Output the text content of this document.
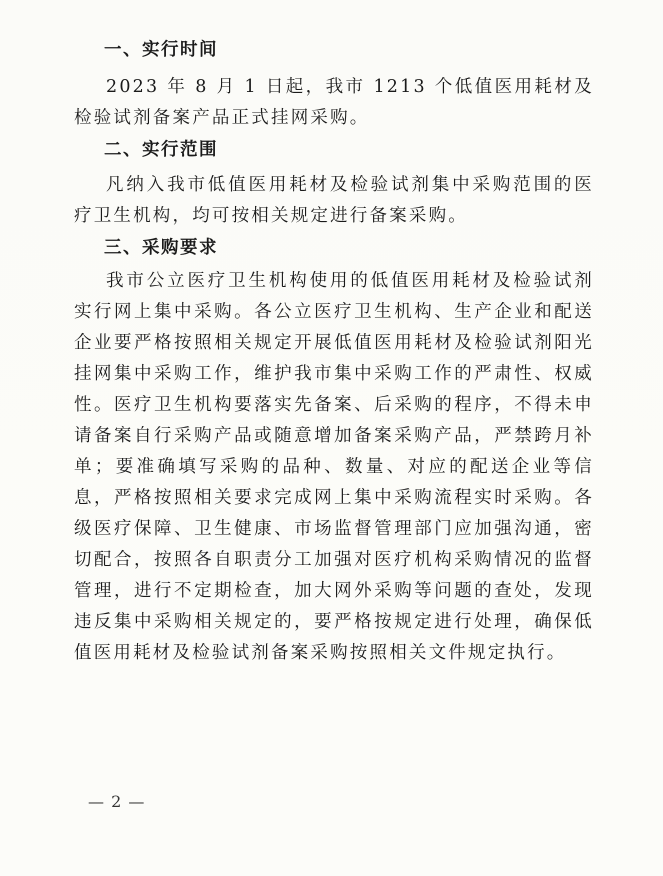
一、实行时间

2023 年 8 月 1 日起，我市 1213 个低值医用耗材及检验试剂备案产品正式挂网采购。

二、实行范围

凡纳入我市低值医用耗材及检验试剂集中采购范围的医疗卫生机构，均可按相关规定进行备案采购。

三、采购要求

我市公立医疗卫生机构使用的低值医用耗材及检验试剂实行网上集中采购。各公立医疗卫生机构、生产企业和配送企业要严格按照相关规定开展低值医用耗材及检验试剂阳光挂网集中采购工作，维护我市集中采购工作的严肃性、权威性。医疗卫生机构要落实先备案、后采购的程序，不得未申请备案自行采购产品或随意增加备案采购产品，严禁跨月补单；要准确填写采购的品种、数量、对应的配送企业等信息，严格按照相关要求完成网上集中采购流程实时采购。各级医疗保障、卫生健康、市场监督管理部门应加强沟通，密切配合，按照各自职责分工加强对医疗机构采购情况的监督管理，进行不定期检查，加大网外采购等问题的查处，发现违反集中采购相关规定的，要严格按规定进行处理，确保低值医用耗材及检验试剂备案采购按照相关文件规定执行。

— 2 —
